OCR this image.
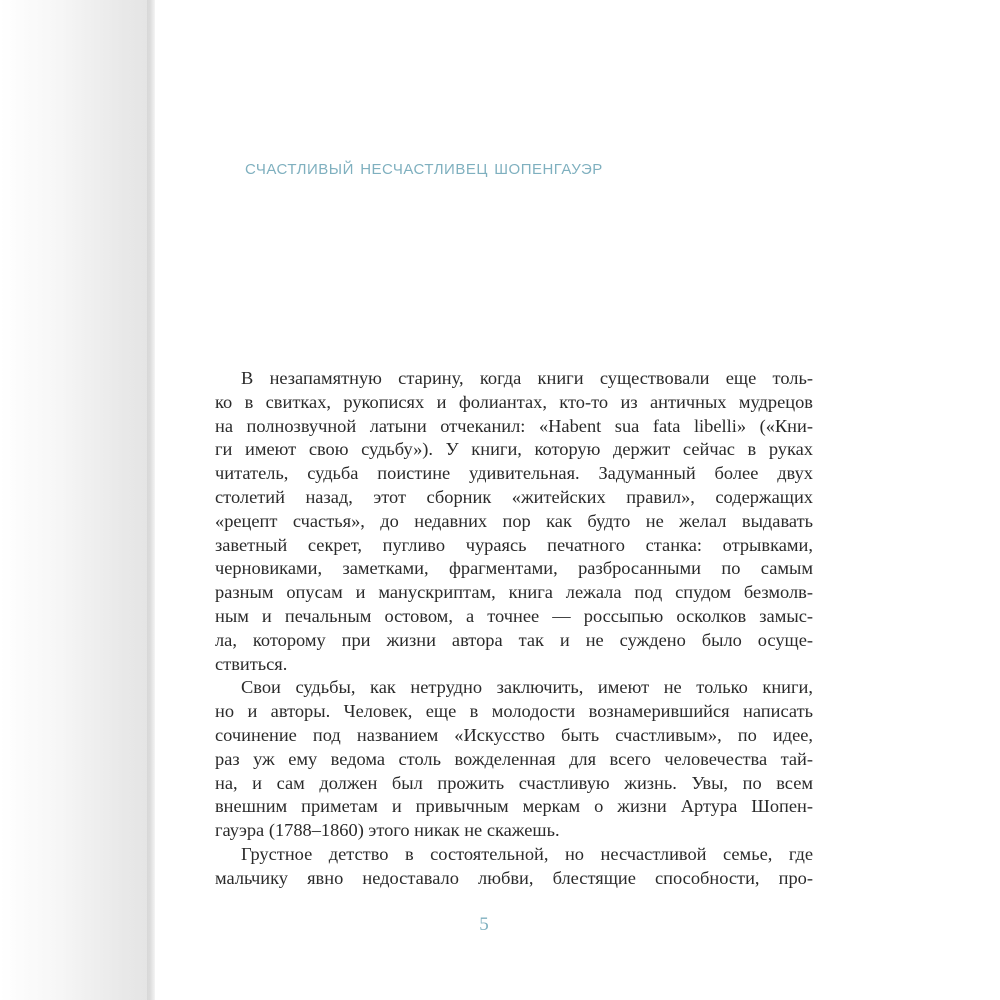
счастливый несчастливец шопенгауэр
В незапамятную старину, когда книги существовали еще толь-
ко в свитках, рукописях и фолиантах, кто-то из античных мудрецов
на полнозвучной латыни отчеканил: «Habent sua fata libelli» («Кни-
ги имеют свою судьбу»). У книги, которую держит сейчас в руках
читатель, судьба поистине удивительная. Задуманный более двух
столетий назад, этот сборник «житейских правил», содержащих
«рецепт счастья», до недавних пор как будто не желал выдавать
заветный секрет, пугливо чураясь печатного станка: отрывками,
черновиками, заметками, фрагментами, разбросанными по самым
разным опусам и манускриптам, книга лежала под спудом безмолв-
ным и печальным остовом, а точнее — россыпью осколков замыс-
ла, которому при жизни автора так и не суждено было осуще-
ствиться.
Свои судьбы, как нетрудно заключить, имеют не только книги,
но и авторы. Человек, еще в молодости вознамерившийся написать
сочинение под названием «Искусство быть счастливым», по идее,
раз уж ему ведома столь вожделенная для всего человечества тай-
на, и сам должен был прожить счастливую жизнь. Увы, по всем
внешним приметам и привычным меркам о жизни Артура Шопен-
гауэра (1788–1860) этого никак не скажешь.
Грустное детство в состоятельной, но несчастливой семье, где
мальчику явно недоставало любви, блестящие способности, про-
5
